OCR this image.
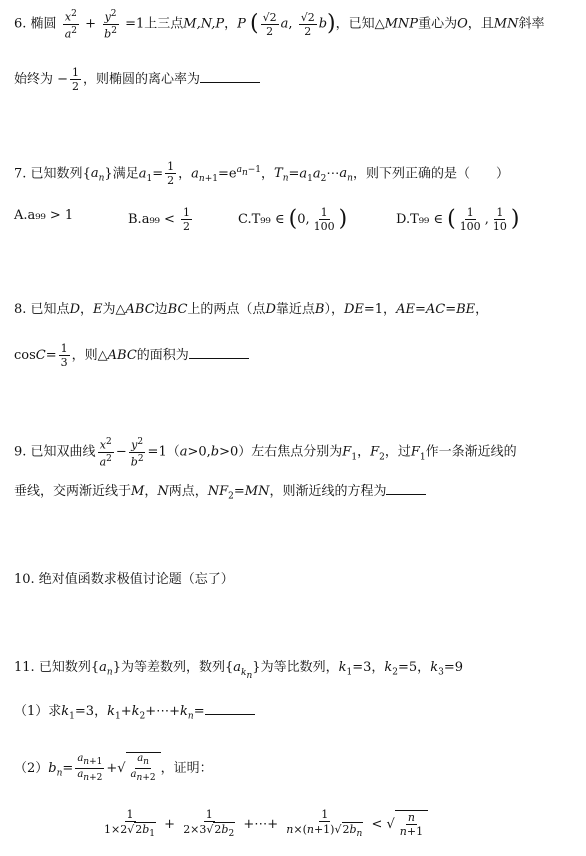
6. 椭圆 $\frac{x^2}{a^2} + \frac{y^2}{b^2} =1$上三点M,N,P，P ( $\frac{√2}{2} a$, $\frac{√2}{2} b$)，已知△MNP重心为O，且MN斜率
始终为 − $\frac{1}{2}$ ，则椭圆的离心率为
7. 已知数列$\{a_n\}$满足$a_1= \frac{1}{2}$ ，$a_{n+1}=e^{a_n-1}$，$T_n=a_1a_2\cdots a_n$，则下列正确的是（　　）
A.a₉₉ > 1	$B.a_{99} < \frac{1}{2}$	C.T₉₉ ∈ (0, $\frac{1}{100}$ )	D.T₉₉ ∈ ( $\frac{1}{100}$ , $\frac{1}{10}$ )
8. 已知点D，E为△ABC边BC上的两点（点D靠近点B），DE=1，AE=AC=BE，
$\cos C= \frac{1}{3}$ ，则△ABC的面积为
9. 已知双曲线 $\frac{x^2}{a^2} - \frac{y^2}{b^2} =1(a>0,b>0)$左右焦点分别为$F_1$，$F_2$，过$F_1$作一条渐近线的
垂线，交两渐近线于M，N两点，$NF_2=MN$，则渐近线的方程为
10. 绝对值函数求极值讨论题（忘了）
11. 已知数列$\{a_n\}$为等差数列，数列$\{a_{k_n}\}$为等比数列，$k_1=3$，$k_2=5$，$k_3=9$
（1）求$k_1=3$，$k_1+k_2+\cdots+k_n=$
$(2)b_n= \frac{a_{n+1}}{a_{n+2}}$ +√ $\frac{a_n}{a_{n+2}}$ ，证明：
$\frac{1}{1\times 2√2b_1} + \frac{1}{2\times 3√2b_2}$ +⋯+ $\frac{1}{n\times(n+1)√2b_n}$ < √ $\frac{n}{n+1}$
